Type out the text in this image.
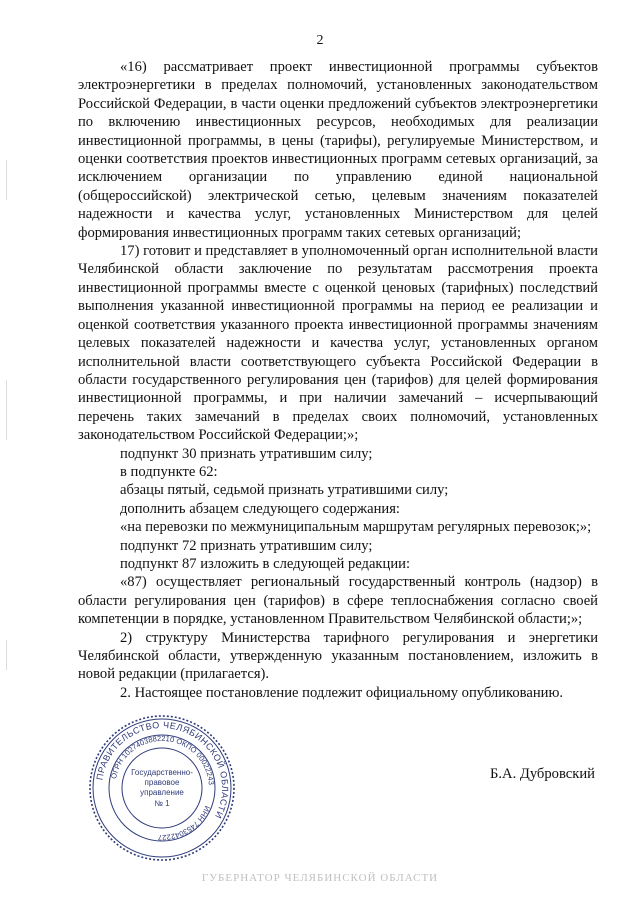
2

«16) рассматривает проект инвестиционной программы субъектов электроэнергетики в пределах полномочий, установленных законодательством Российской Федерации, в части оценки предложений субъектов электроэнергетики по включению инвестиционных ресурсов, необходимых для реализации инвестиционной программы, в цены (тарифы), регулируемые Министерством, и оценки соответствия проектов инвестиционных программ сетевых организаций, за исключением организации по управлению единой национальной (общероссийской) электрической сетью, целевым значениям показателей надежности и качества услуг, установленных Министерством для целей формирования инвестиционных программ таких сетевых организаций;

17) готовит и представляет в уполномоченный орган исполнительной власти Челябинской области заключение по результатам рассмотрения проекта инвестиционной программы вместе с оценкой ценовых (тарифных) последствий выполнения указанной инвестиционной программы на период ее реализации и оценкой соответствия указанного проекта инвестиционной программы значениям целевых показателей надежности и качества услуг, установленных органом исполнительной власти соответствующего субъекта Российской Федерации в области государственного регулирования цен (тарифов) для целей формирования инвестиционной программы, и при наличии замечаний – исчерпывающий перечень таких замечаний в пределах своих полномочий, установленных законодательством Российской Федерации;»;

подпункт 30 признать утратившим силу;

в подпункте 62:

абзацы пятый, седьмой признать утратившими силу;

дополнить абзацем следующего содержания:

«на перевозки по межмуниципальным маршрутам регулярных перевозок;»;

подпункт 72 признать утратившим силу;

подпункт 87 изложить в следующей редакции:

«87) осуществляет региональный государственный контроль (надзор) в области регулирования цен (тарифов) в сфере теплоснабжения согласно своей компетенции в порядке, установленном Правительством Челябинской области;»;

2) структуру Министерства тарифного регулирования и энергетики Челябинской области, утвержденную указанным постановлением, изложить в новой редакции (прилагается).

2. Настоящее постановление подлежит официальному опубликованию.

ПРАВИТЕЛЬСТВО ЧЕЛЯБИНСКОЙ ОБЛАСТИ
ОГРН 1027403882210 ОКПО 00022243
ИНН 7453042227
Государственно-
правовое
управление
№ 1
Б.А. Дубровский
ГУБЕРНАТОР ЧЕЛЯБИНСКОЙ ОБЛАСТИ
